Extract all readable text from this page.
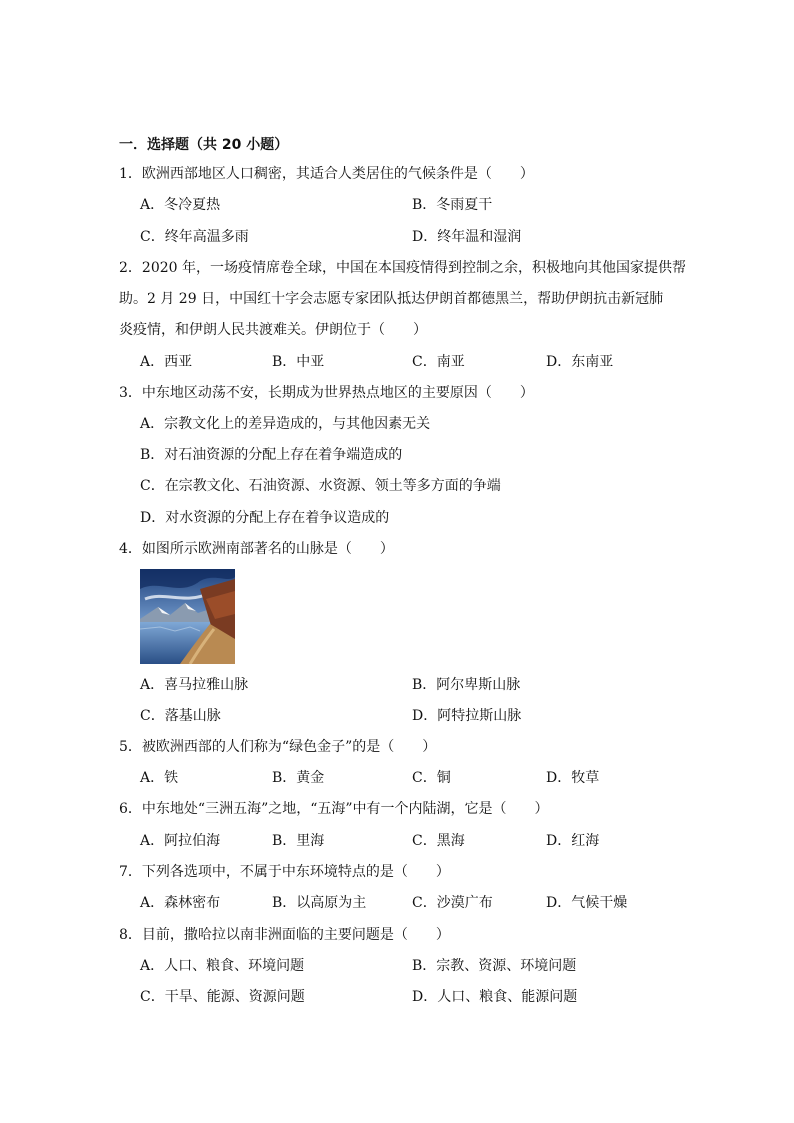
一．选择题（共 20 小题）
1．欧洲西部地区人口稠密，其适合人类居住的气候条件是（　　）
A．冬冷夏热	B．冬雨夏干
C．终年高温多雨	D．终年温和湿润
2．2020 年，一场疫情席卷全球，中国在本国疫情得到控制之余，积极地向其他国家提供帮
助。2 月 29 日，中国红十字会志愿专家团队抵达伊朗首都德黑兰，帮助伊朗抗击新冠肺
炎疫情，和伊朗人民共渡难关。伊朗位于（　　）
A．西亚	B．中亚	C．南亚	D．东南亚
3．中东地区动荡不安，长期成为世界热点地区的主要原因（　　）
A．宗教文化上的差异造成的，与其他因素无关
B．对石油资源的分配上存在着争端造成的
C．在宗教文化、石油资源、水资源、领土等多方面的争端
D．对水资源的分配上存在着争议造成的
4．如图所示欧洲南部著名的山脉是（　　）
A．喜马拉雅山脉	B．阿尔卑斯山脉
C．落基山脉	D．阿特拉斯山脉
5．被欧洲西部的人们称为“绿色金子”的是（　　）
A．铁	B．黄金	C．铜	D．牧草
6．中东地处“三洲五海”之地，“五海”中有一个内陆湖，它是（　　）
A．阿拉伯海	B．里海	C．黑海	D．红海
7．下列各选项中，不属于中东环境特点的是（　　）
A．森林密布	B．以高原为主	C．沙漠广布	D．气候干燥
8．目前，撒哈拉以南非洲面临的主要问题是（　　）
A．人口、粮食、环境问题	B．宗教、资源、环境问题
C．干旱、能源、资源问题	D．人口、粮食、能源问题
